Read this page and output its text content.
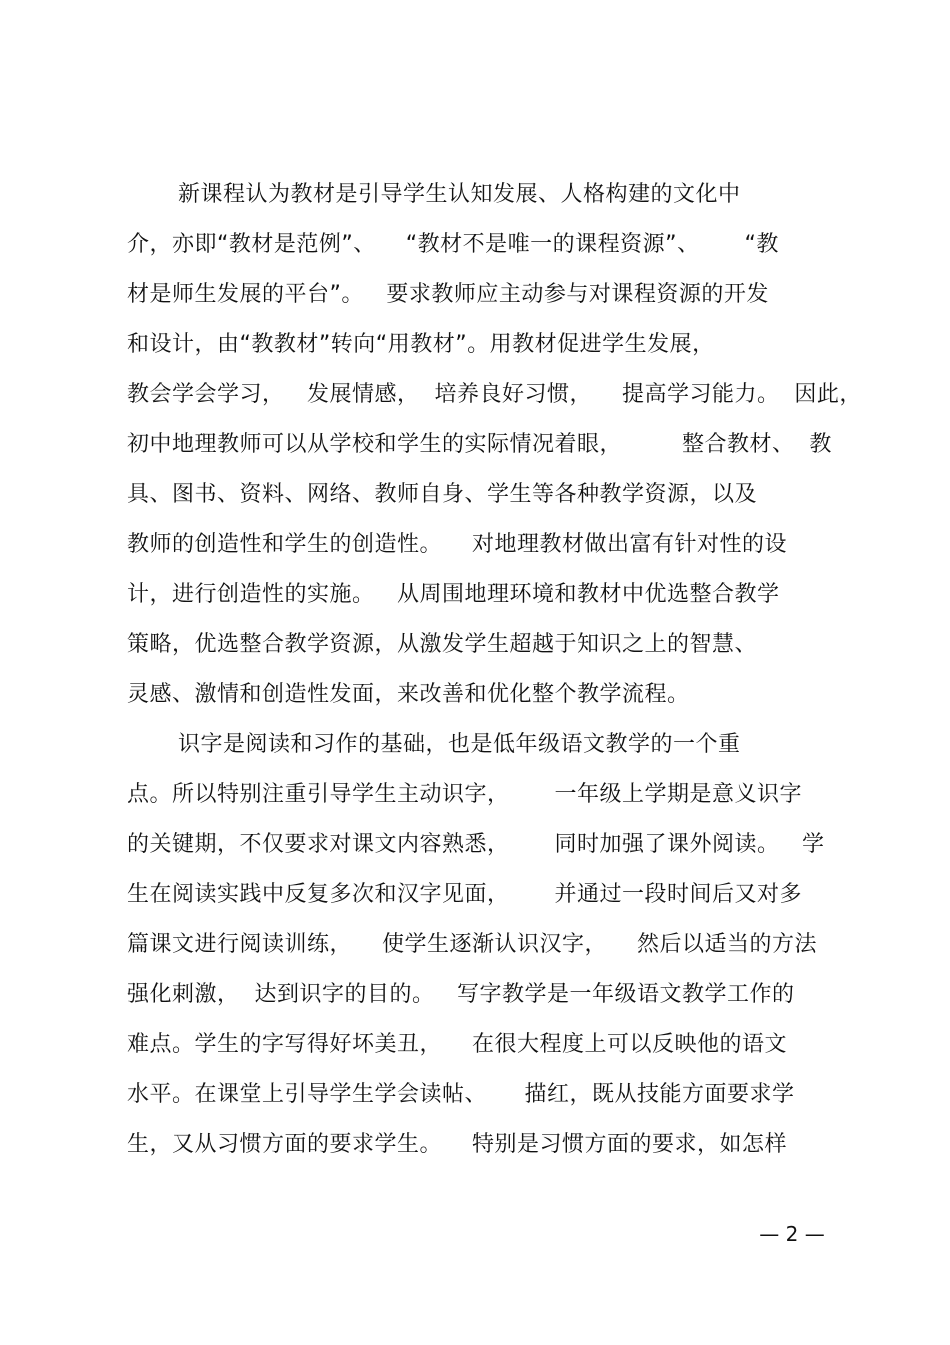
新课程认为教材是引导学生认知发展、人格构建的文化中
介，亦即“教材是范例”、    “教材不是唯一的课程资源”、      “教
材是师生发展的平台”。   要求教师应主动参与对课程资源的开发
和设计，由“教教材”转向“用教材”。用教材促进学生发展，
教会学会学习，   发展情感，  培养良好习惯，    提高学习能力。  因此，
初中地理教师可以从学校和学生的实际情况着眼，        整合教材、  教
具、图书、资料、网络、教师自身、学生等各种教学资源，以及
教师的创造性和学生的创造性。    对地理教材做出富有针对性的设
计，进行创造性的实施。   从周围地理环境和教材中优选整合教学
策略，优选整合教学资源，从激发学生超越于知识之上的智慧、
灵感、激情和创造性发面，来改善和优化整个教学流程。
识字是阅读和习作的基础，也是低年级语文教学的一个重
点。所以特别注重引导学生主动识字，      一年级上学期是意义识字
的关键期，不仅要求对课文内容熟悉，      同时加强了课外阅读。   学
生在阅读实践中反复多次和汉字见面，      并通过一段时间后又对多
篇课文进行阅读训练，    使学生逐渐认识汉字，    然后以适当的方法
强化刺激，  达到识字的目的。   写字教学是一年级语文教学工作的
难点。学生的字写得好坏美丑，    在很大程度上可以反映他的语文
水平。在课堂上引导学生学会读帖、     描红，既从技能方面要求学
生，又从习惯方面的要求学生。    特别是习惯方面的要求，如怎样
— 2 —
